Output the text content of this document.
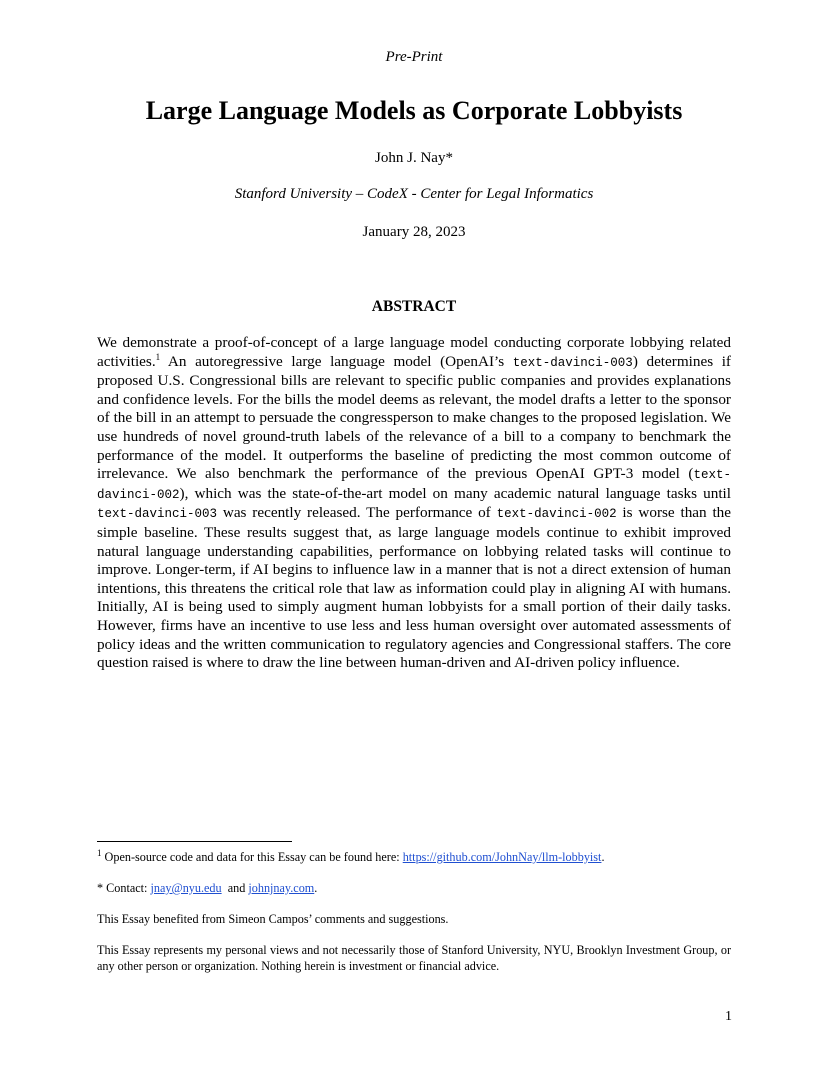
Pre-Print
Large Language Models as Corporate Lobbyists
John J. Nay*
Stanford University – CodeX - Center for Legal Informatics
January 28, 2023
ABSTRACT

We demonstrate a proof-of-concept of a large language model conducting corporate lobbying related activities.$^1$ An autoregressive large language model (OpenAI’s text-davinci-003) determines if proposed U.S. Congressional bills are relevant to specific public companies and provides explanations and confidence levels. For the bills the model deems as relevant, the model drafts a letter to the sponsor of the bill in an attempt to persuade the congressperson to make changes to the proposed legislation. We use hundreds of novel ground-truth labels of the relevance of a bill to a company to benchmark the performance of the model. It outperforms the baseline of predicting the most common outcome of irrelevance. We also benchmark the performance of the previous OpenAI GPT-3 model (text-davinci-002), which was the state-of-the-art model on many academic natural language tasks until text-davinci-003 was recently released. The performance of text-davinci-002 is worse than the simple baseline. These results suggest that, as large language models continue to exhibit improved natural language understanding capabilities, performance on lobbying related tasks will continue to improve. Longer-term, if AI begins to influence law in a manner that is not a direct extension of human intentions, this threatens the critical role that law as information could play in aligning AI with humans. Initially, AI is being used to simply augment human lobbyists for a small portion of their daily tasks. However, firms have an incentive to use less and less human oversight over automated assessments of policy ideas and the written communication to regulatory agencies and Congressional staffers. The core question raised is where to draw the line between human-driven and AI-driven policy influence.

$^1$ Open-source code and data for this Essay can be found here: https://github.com/JohnNay/llm-lobbyist.

* Contact: jnay@nyu.edu  and johnjnay.com.

This Essay benefited from Simeon Campos’ comments and suggestions.

This Essay represents my personal views and not necessarily those of Stanford University, NYU, Brooklyn Investment Group, or any other person or organization. Nothing herein is investment or financial advice.

1
